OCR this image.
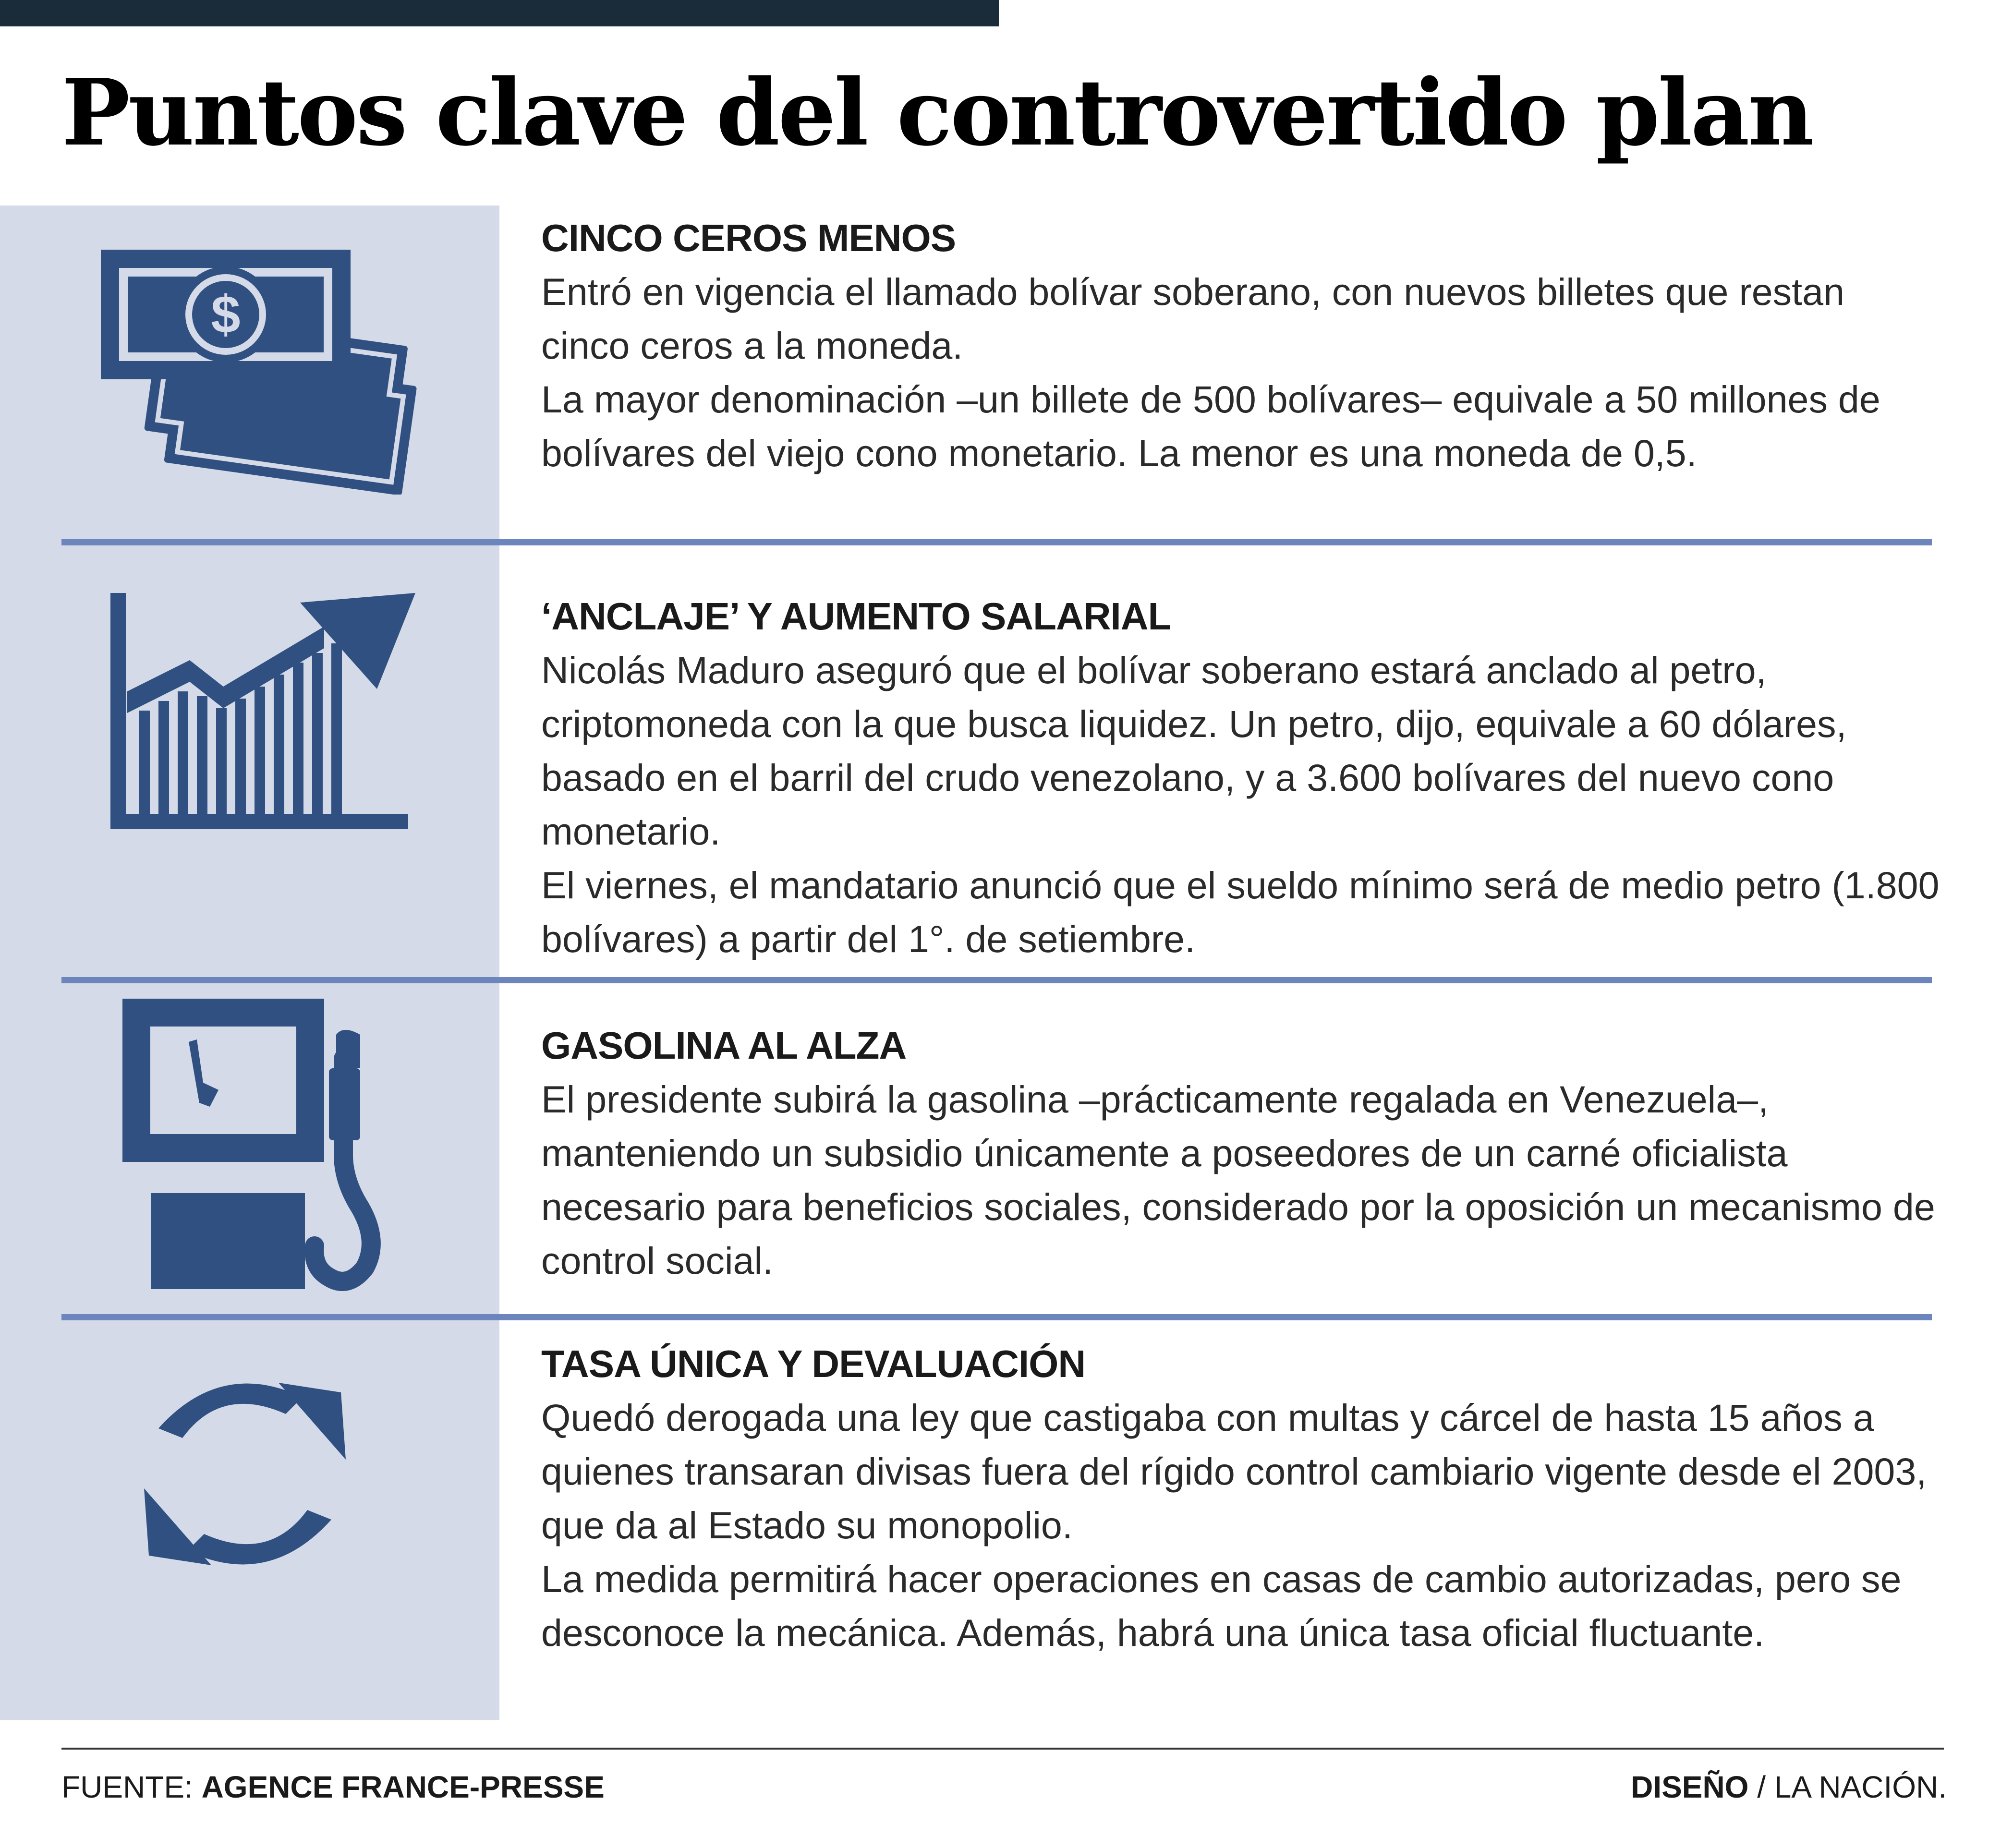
Puntos clave del controvertido plan
$
CINCO CEROS MENOS

Entró en vigencia el llamado bolívar soberano, con nuevos billetes que restan cinco ceros a la moneda.

La mayor denominación –un billete de 500 bolívares– equivale a 50 millones de bolívares del viejo cono monetario. La menor es una moneda de 0,5.

‘ANCLAJE’ Y AUMENTO SALARIAL

Nicolás Maduro aseguró que el bolívar soberano estará anclado al petro, criptomoneda con la que busca liquidez. Un petro, dijo, equivale a 60 dólares, basado en el barril del crudo venezolano, y a 3.600 bolívares del nuevo cono monetario.

El viernes, el mandatario anunció que el sueldo mínimo será de medio petro (1.800 bolívares) a partir del 1°. de setiembre.

GASOLINA AL ALZA

El presidente subirá la gasolina –prácticamente regalada en Venezuela–, manteniendo un subsidio únicamente a poseedores de un carné oficialista necesario para beneficios sociales, considerado por la oposición un mecanismo de control social.

TASA ÚNICA Y DEVALUACIÓN

Quedó derogada una ley que castigaba con multas y cárcel de hasta 15 años a quienes transaran divisas fuera del rígido control cambiario vigente desde el 2003, que da al Estado su monopolio.

La medida permitirá hacer operaciones en casas de cambio autorizadas, pero se desconoce la mecánica. Además, habrá una única tasa oficial fluctuante.

FUENTE: AGENCE FRANCE-PRESSE	DISEÑO / LA NACIÓN.
